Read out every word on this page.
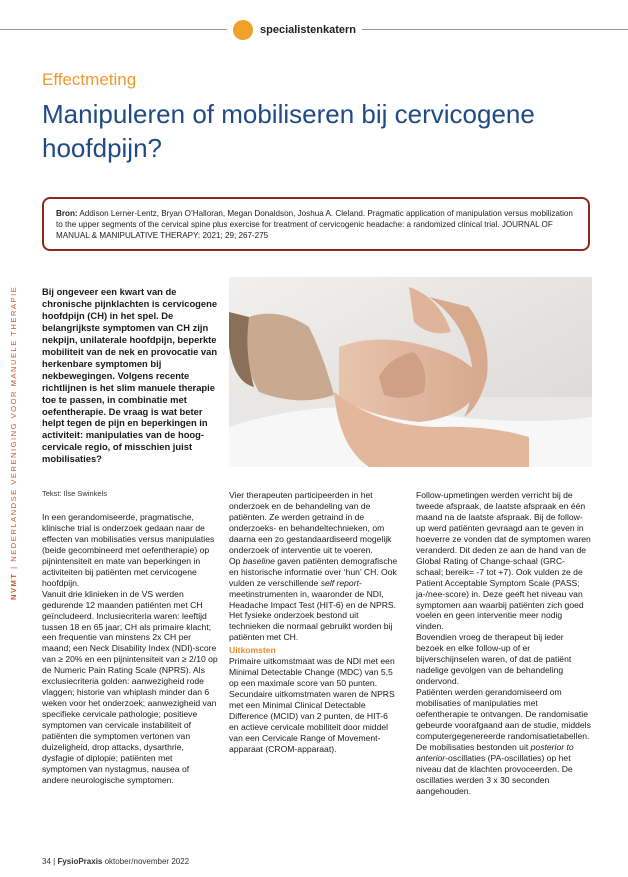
specialistenkatern
NVMT | NEDERLANDSE VERENIGING VOOR MANUELE THERAPIE
Effectmeting
Manipuleren of mobiliseren bij cervicogene hoofdpijn?
Bron: Addison Lerner-Lentz, Bryan O’Halloran, Megan Donaldson, Joshua A. Cleland. Pragmatic application of manipulation versus mobilization to the upper segments of the cervical spine plus exercise for treatment of cervicogenic headache: a randomized clinical trial. JOURNAL OF MANUAL & MANIPULATIVE THERAPY: 2021; 29; 267-275
Bij ongeveer een kwart van de chronische pijnklachten is cervicogene hoofdpijn (CH) in het spel. De belangrijkste symptomen van CH zijn nekpijn, unilaterale hoofdpijn, beperkte mobiliteit van de nek en provocatie van herkenbare symptomen bij nekbewegingen. Volgens recente richtlijnen is het slim manuele therapie toe te passen, in combinatie met oefentherapie. De vraag is wat beter helpt tegen de pijn en beperkingen in activiteit: manipulaties van de hoog-cervicale regio, of misschien juist mobilisaties?
Tekst: Ilse Swinkels

In een gerandomiseerde, pragmatische, klinische trial is onderzoek gedaan naar de effecten van mobilisaties versus manipulaties (beide gecombineerd met oefentherapie) op pijnintensiteit en mate van beperkingen in activiteiten bij patiënten met cervicogene hoofdpijn.

Vanuit drie klinieken in de VS werden gedurende 12 maanden patiënten met CH geïncludeerd. Inclusiecriteria waren: leeftijd tussen 18 en 65 jaar; CH als primaire klacht; een frequentie van minstens 2x CH per maand; een Neck Disability Index (NDI)-score van ≥ 20% en een pijnintensiteit van ≥ 2/10 op de Numeric Pain Rating Scale (NPRS). Als exclusiecriteria golden: aanwezigheid rode vlaggen; historie van whiplash minder dan 6 weken voor het onderzoek; aanwezigheid van specifieke cervicale pathologie; positieve symptomen van cervicale instabiliteit of patiënten die symptomen vertonen van duizeligheid, drop attacks, dysarthrie, dysfagie of diplopie; patiënten met symptomen van nystagmus, nausea of andere neurologische symptomen.

Vier therapeuten participeerden in het onderzoek en de behandeling van de patiënten. Ze werden getraind in de onderzoeks- en behandeltechnieken, om daarna een zo gestandaardiseerd mogelijk onderzoek of interventie uit te voeren.

Op baseline gaven patiënten demografische en historische informatie over ‘hun’ CH. Ook vulden ze verschillende self report-meetinstrumenten in, waaronder de NDI, Headache Impact Test (HIT-6) en de NPRS. Het fysieke onderzoek bestond uit technieken die normaal gebruikt worden bij patiënten met CH.

Uitkomsten

Primaire uitkomstmaat was de NDI met een Minimal Detectable Change (MDC) van 5,5 op een maximale score van 50 punten.

Secundaire uitkomstmaten waren de NPRS met een Minimal Clinical Detectable Difference (MCID) van 2 punten, de HIT-6 en actieve cervicale mobiliteit door middel van een Cervicale Range of Movement-apparaat (CROM-apparaat).

Follow-upmetingen werden verricht bij de tweede afspraak, de laatste afspraak en één maand na de laatste afspraak. Bij de follow-up werd patiënten gevraagd aan te geven in hoeverre ze vonden dat de symptomen waren veranderd. Dit deden ze aan de hand van de Global Rating of Change-schaal (GRC-schaal; bereik= -7 tot +7). Ook vulden ze de Patient Acceptable Symptom Scale (PASS; ja-/nee-score) in. Deze geeft het niveau van symptomen aan waarbij patiënten zich goed voelen en geen interventie meer nodig vinden.

Bovendien vroeg de therapeut bij ieder bezoek en elke follow-up of er bijverschijnselen waren, of dat de patiënt nadelige gevolgen van de behandeling ondervond.

Patiënten werden gerandomiseerd om mobilisaties of manipulaties met oefentherapie te ontvangen. De randomisatie gebeurde voorafgaand aan de studie, middels computergegenereerde randomisatietabellen.

De mobilisaties bestonden uit posterior to anterior-oscillaties (PA-oscillaties) op het niveau dat de klachten provoceerden. De oscillaties werden 3 x 30 seconden aangehouden.

34 | FysioPraxis oktober/november 2022
